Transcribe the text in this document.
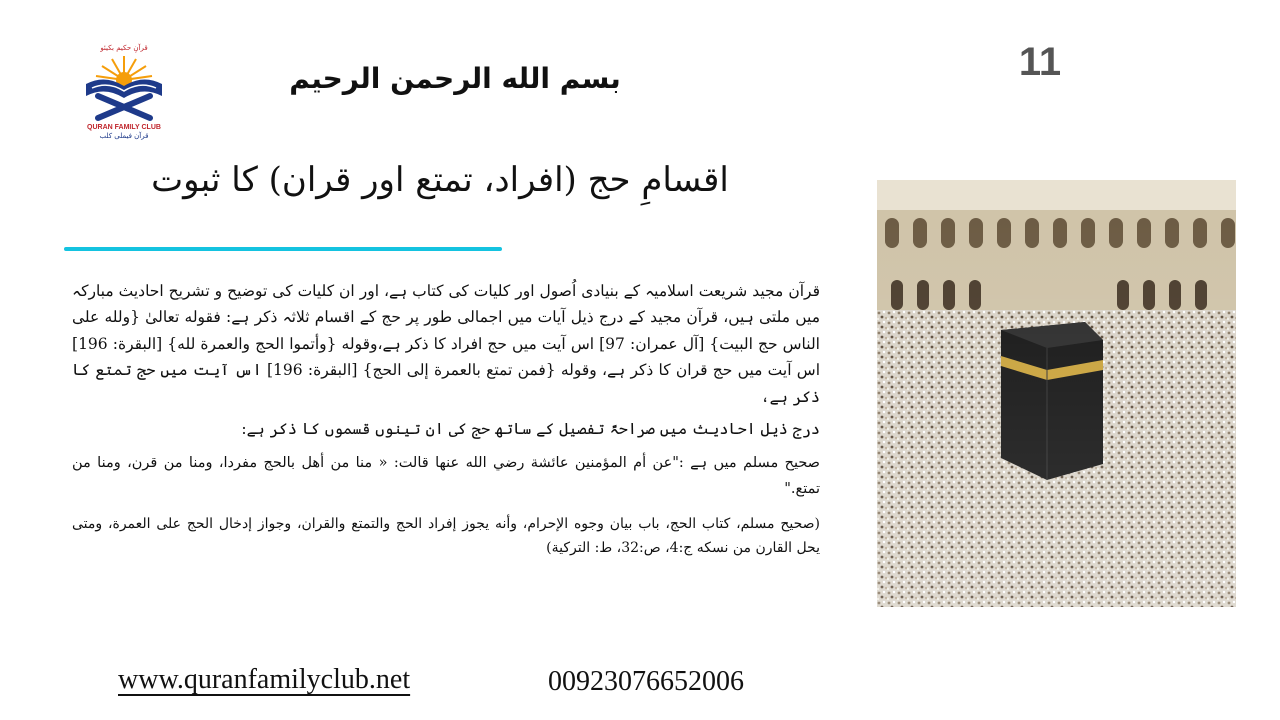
قرآنِ حکیم بکیئو
QURAN FAMILY CLUB
قرآن فیملی کلب
بسم الله الرحمن الرحيم	11
اقسامِ حج (افراد، تمتع اور قران) کا ثبوت

قرآن مجید شریعت اسلامیہ کے بنیادی اُصول اور کلیات کی کتاب ہے، اور ان کلیات کی توضیح و تشریح احادیث مبارکہ میں ملتی ہیں، قرآن مجید کے درج ذیل آیات میں اجمالی طور پر حج کے اقسام ثلاثہ ذکر ہے: فقوله تعالیٰ {ولله على الناس حج البيت} [آل عمران: 97] اس آیت میں حج افراد کا ذکر ہے،وقوله {وأتموا الحج والعمرة لله} [البقرة: 196] اس آیت میں حج قران کا ذکر ہے، وقوله {فمن تمتع بالعمرة إلى الحج} [البقرة: 196] اس آیت میں حج تمتع کا ذکر ہے،

درج ذیل احادیث میں صراحۃً تفصیل کے ساتھ حج کی ان تینوں قسموں کا ذکر ہے:

صحیح مسلم میں ہے :"عن أم المؤمنين عائشة رضي الله عنها قالت: « منا من أهل بالحج مفردا، ومنا من قرن، ومنا من تمتع."

(صحيح مسلم، كتاب الحج، باب بيان وجوه الإحرام، وأنه يجوز إفراد الحج والتمتع والقران، وجواز إدخال الحج على العمرة، ومتى يحل القارن من نسكه ج:4، ص:32، ط: التركية)

www.quranfamilyclub.net	00923076652006
